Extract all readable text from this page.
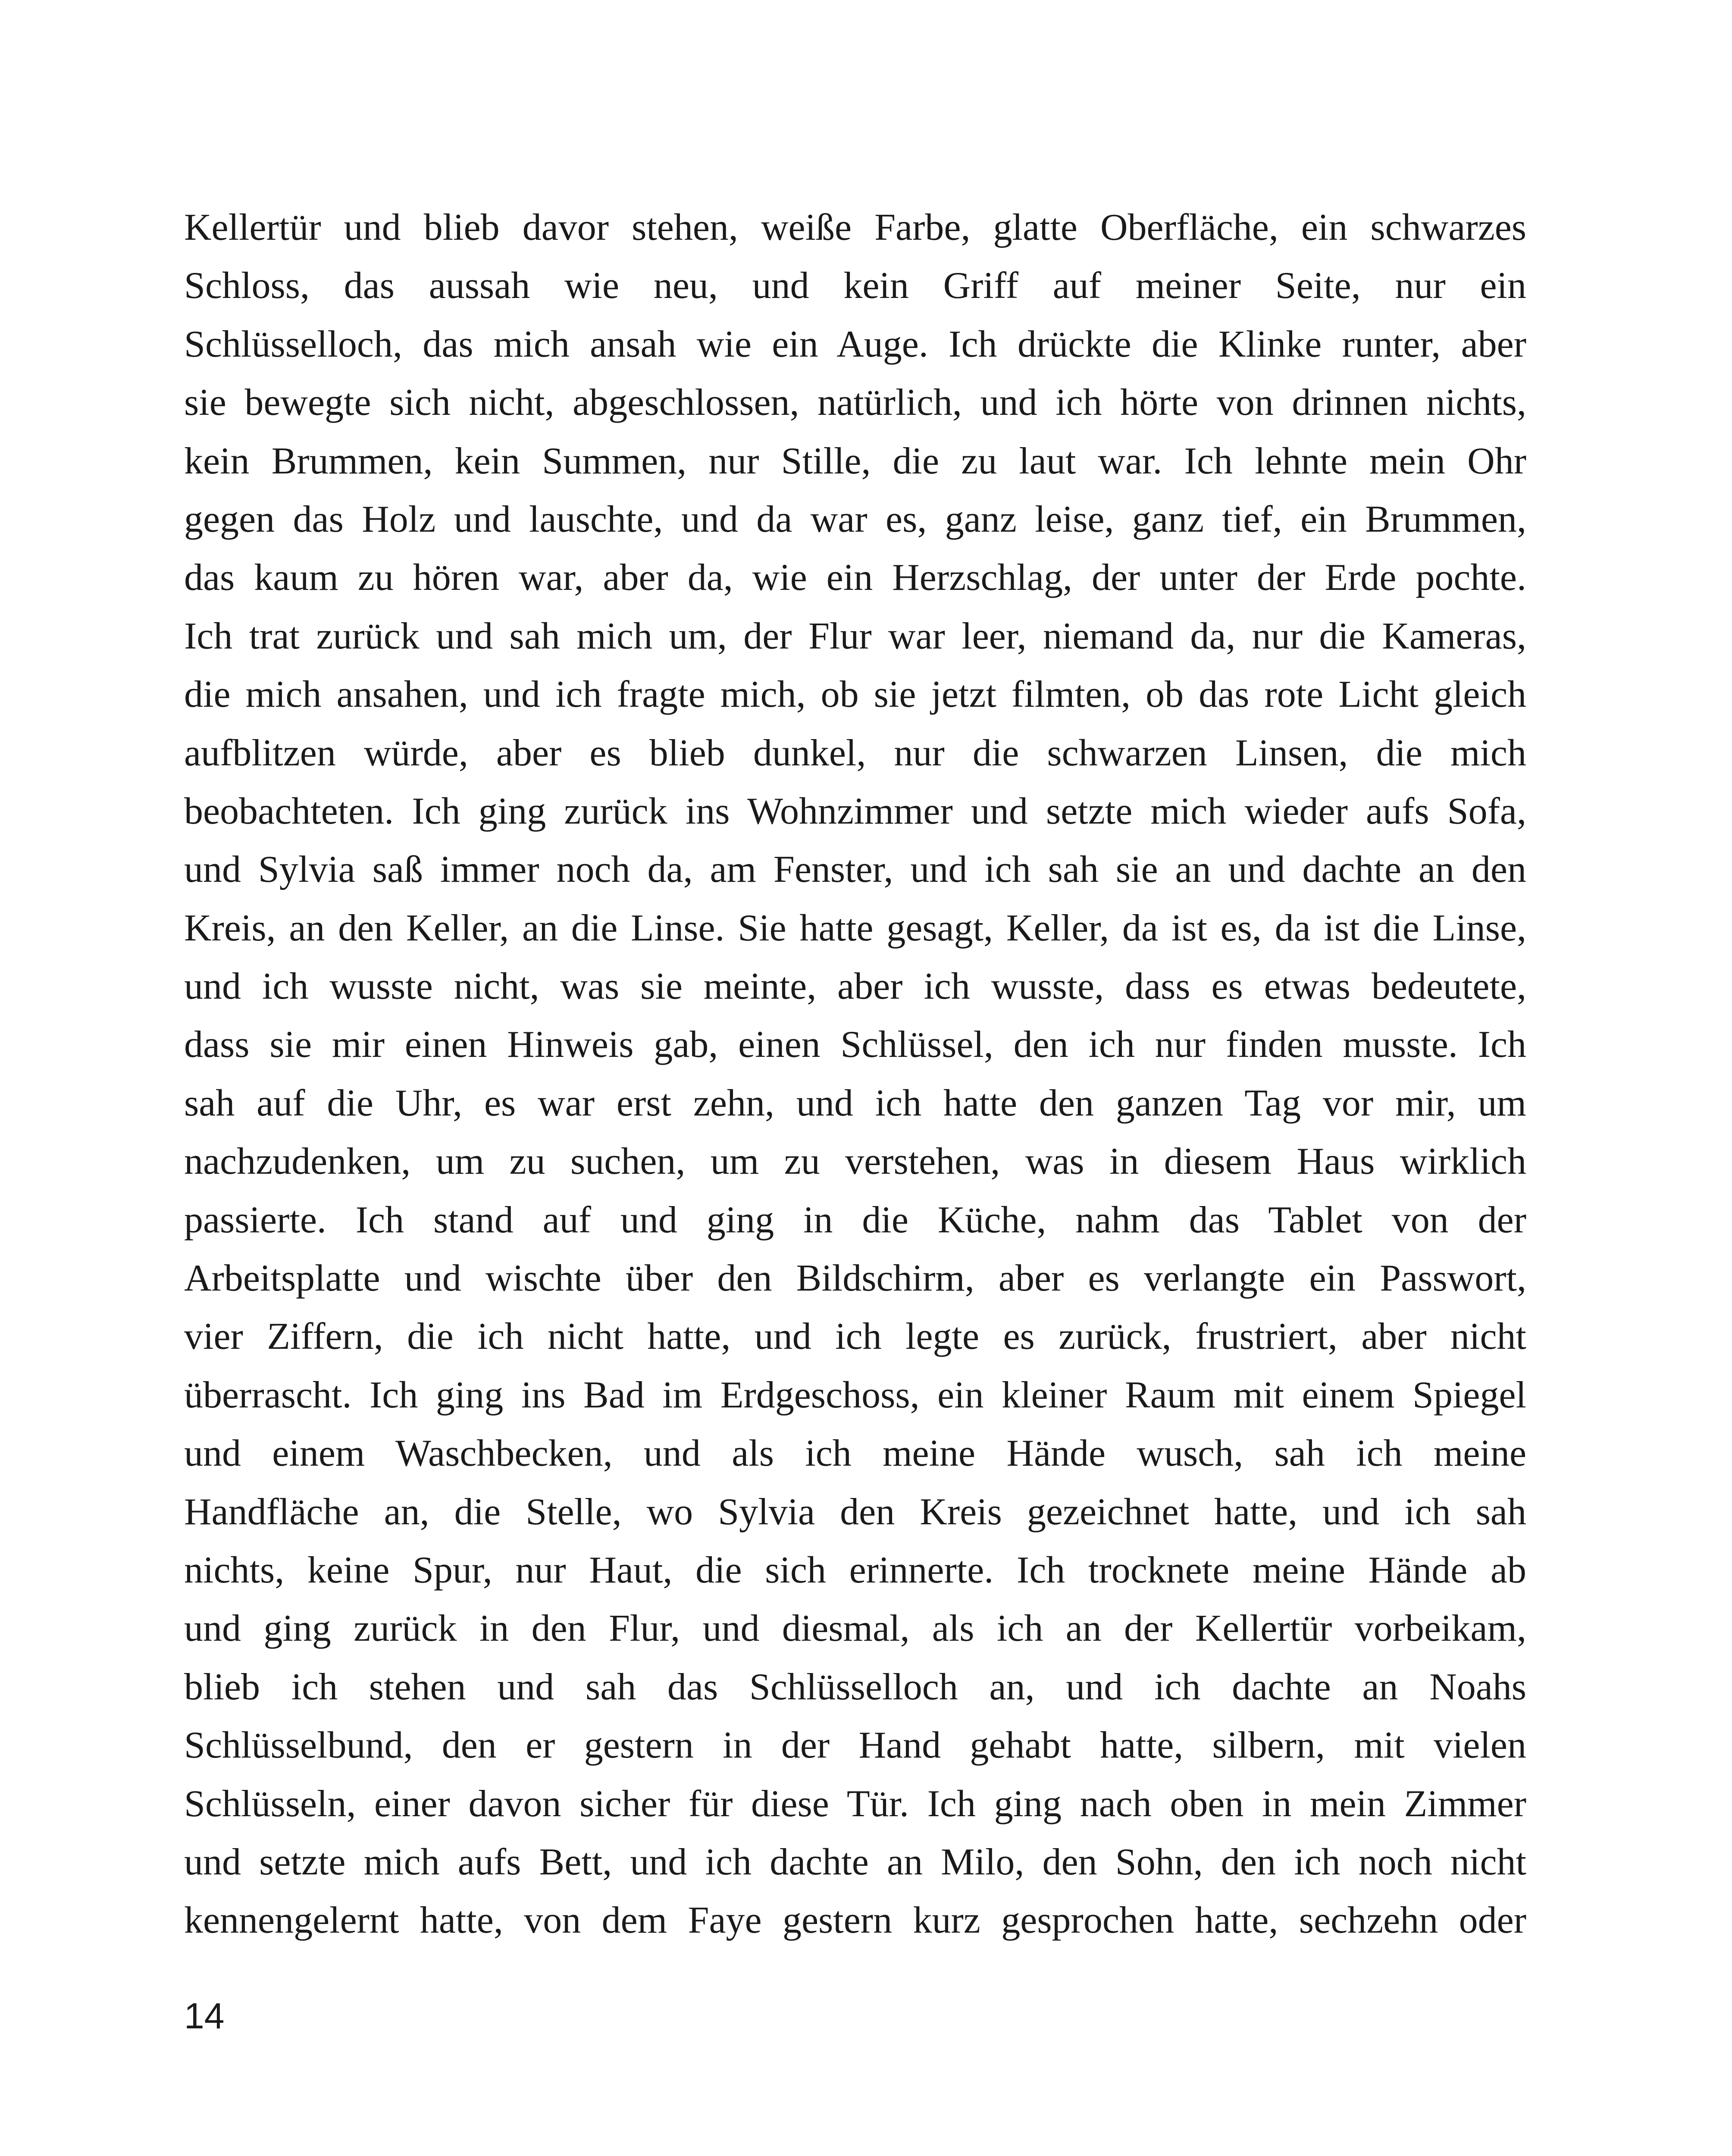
Kellertür und blieb davor stehen, weiße Farbe, glatte Oberfläche, ein schwarzes
Schloss, das aussah wie neu, und kein Griff auf meiner Seite, nur ein
Schlüsselloch, das mich ansah wie ein Auge. Ich drückte die Klinke runter, aber
sie bewegte sich nicht, abgeschlossen, natürlich, und ich hörte von drinnen nichts,
kein Brummen, kein Summen, nur Stille, die zu laut war. Ich lehnte mein Ohr
gegen das Holz und lauschte, und da war es, ganz leise, ganz tief, ein Brummen,
das kaum zu hören war, aber da, wie ein Herzschlag, der unter der Erde pochte.
Ich trat zurück und sah mich um, der Flur war leer, niemand da, nur die Kameras,
die mich ansahen, und ich fragte mich, ob sie jetzt filmten, ob das rote Licht gleich
aufblitzen würde, aber es blieb dunkel, nur die schwarzen Linsen, die mich
beobachteten. Ich ging zurück ins Wohnzimmer und setzte mich wieder aufs Sofa,
und Sylvia saß immer noch da, am Fenster, und ich sah sie an und dachte an den
Kreis, an den Keller, an die Linse. Sie hatte gesagt, Keller, da ist es, da ist die Linse,
und ich wusste nicht, was sie meinte, aber ich wusste, dass es etwas bedeutete,
dass sie mir einen Hinweis gab, einen Schlüssel, den ich nur finden musste. Ich
sah auf die Uhr, es war erst zehn, und ich hatte den ganzen Tag vor mir, um
nachzudenken, um zu suchen, um zu verstehen, was in diesem Haus wirklich
passierte. Ich stand auf und ging in die Küche, nahm das Tablet von der
Arbeitsplatte und wischte über den Bildschirm, aber es verlangte ein Passwort,
vier Ziffern, die ich nicht hatte, und ich legte es zurück, frustriert, aber nicht
überrascht. Ich ging ins Bad im Erdgeschoss, ein kleiner Raum mit einem Spiegel
und einem Waschbecken, und als ich meine Hände wusch, sah ich meine
Handfläche an, die Stelle, wo Sylvia den Kreis gezeichnet hatte, und ich sah
nichts, keine Spur, nur Haut, die sich erinnerte. Ich trocknete meine Hände ab
und ging zurück in den Flur, und diesmal, als ich an der Kellertür vorbeikam,
blieb ich stehen und sah das Schlüsselloch an, und ich dachte an Noahs
Schlüsselbund, den er gestern in der Hand gehabt hatte, silbern, mit vielen
Schlüsseln, einer davon sicher für diese Tür. Ich ging nach oben in mein Zimmer
und setzte mich aufs Bett, und ich dachte an Milo, den Sohn, den ich noch nicht
kennengelernt hatte, von dem Faye gestern kurz gesprochen hatte, sechzehn oder
14
